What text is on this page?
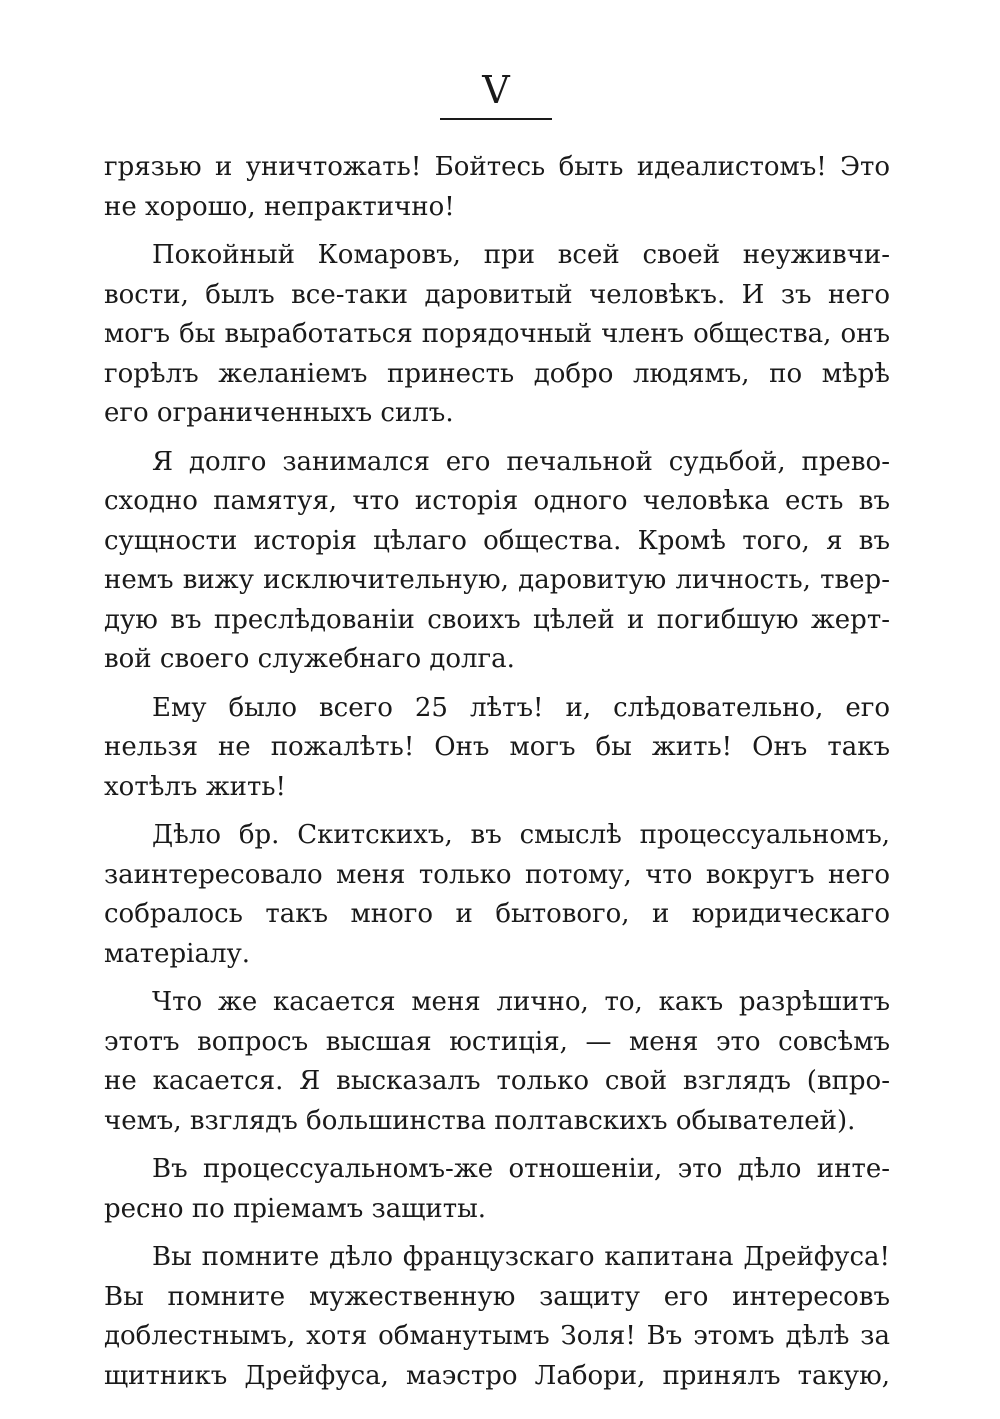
V
грязью и уничтожать! Бойтесь быть идеалистомъ! Это
не хорошо, непрактично!
Покойный Комаровъ, при всей своей неуживчи-
вости, былъ все-таки даровитый человѣкъ. И зъ него
могъ бы выработаться порядочный членъ общества, онъ
горѣлъ желаніемъ принесть добро людямъ, по мѣрѣ
его ограниченныхъ силъ.
Я долго занимался его печальной судьбой, прево-
сходно памятуя, что исторія одного человѣка есть въ
сущности исторія цѣлаго общества. Кромѣ того, я въ
немъ вижу исключительную, даровитую личность, твер-
дую въ преслѣдованіи своихъ цѣлей и погибшую жерт-
вой своего служебнаго долга.
Ему было всего 25 лѣтъ! и, слѣдовательно, его
нельзя не пожалѣть! Онъ могъ бы жить! Онъ такъ
хотѣлъ жить!
Дѣло бр. Скитскихъ, въ смыслѣ процессуальномъ,
заинтересовало меня только потому, что вокругъ него
собралось такъ много и бытового, и юридическаго
матеріалу.
Что же касается меня лично, то, какъ разрѣшитъ
этотъ вопросъ высшая юстиція, — меня это совсѣмъ
не касается. Я высказалъ только свой взглядъ (впро-
чемъ, взглядъ большинства полтавскихъ обывателей).
Въ процессуальномъ-же отношеніи, это дѣло инте-
ресно по пріемамъ защиты.
Вы помните дѣло французскаго капитана Дрейфуса!
Вы помните мужественную защиту его интересовъ
доблестнымъ, хотя обманутымъ Золя! Въ этомъ дѣлѣ за
щитникъ Дрейфуса, маэстро Лабори, принялъ такую,
